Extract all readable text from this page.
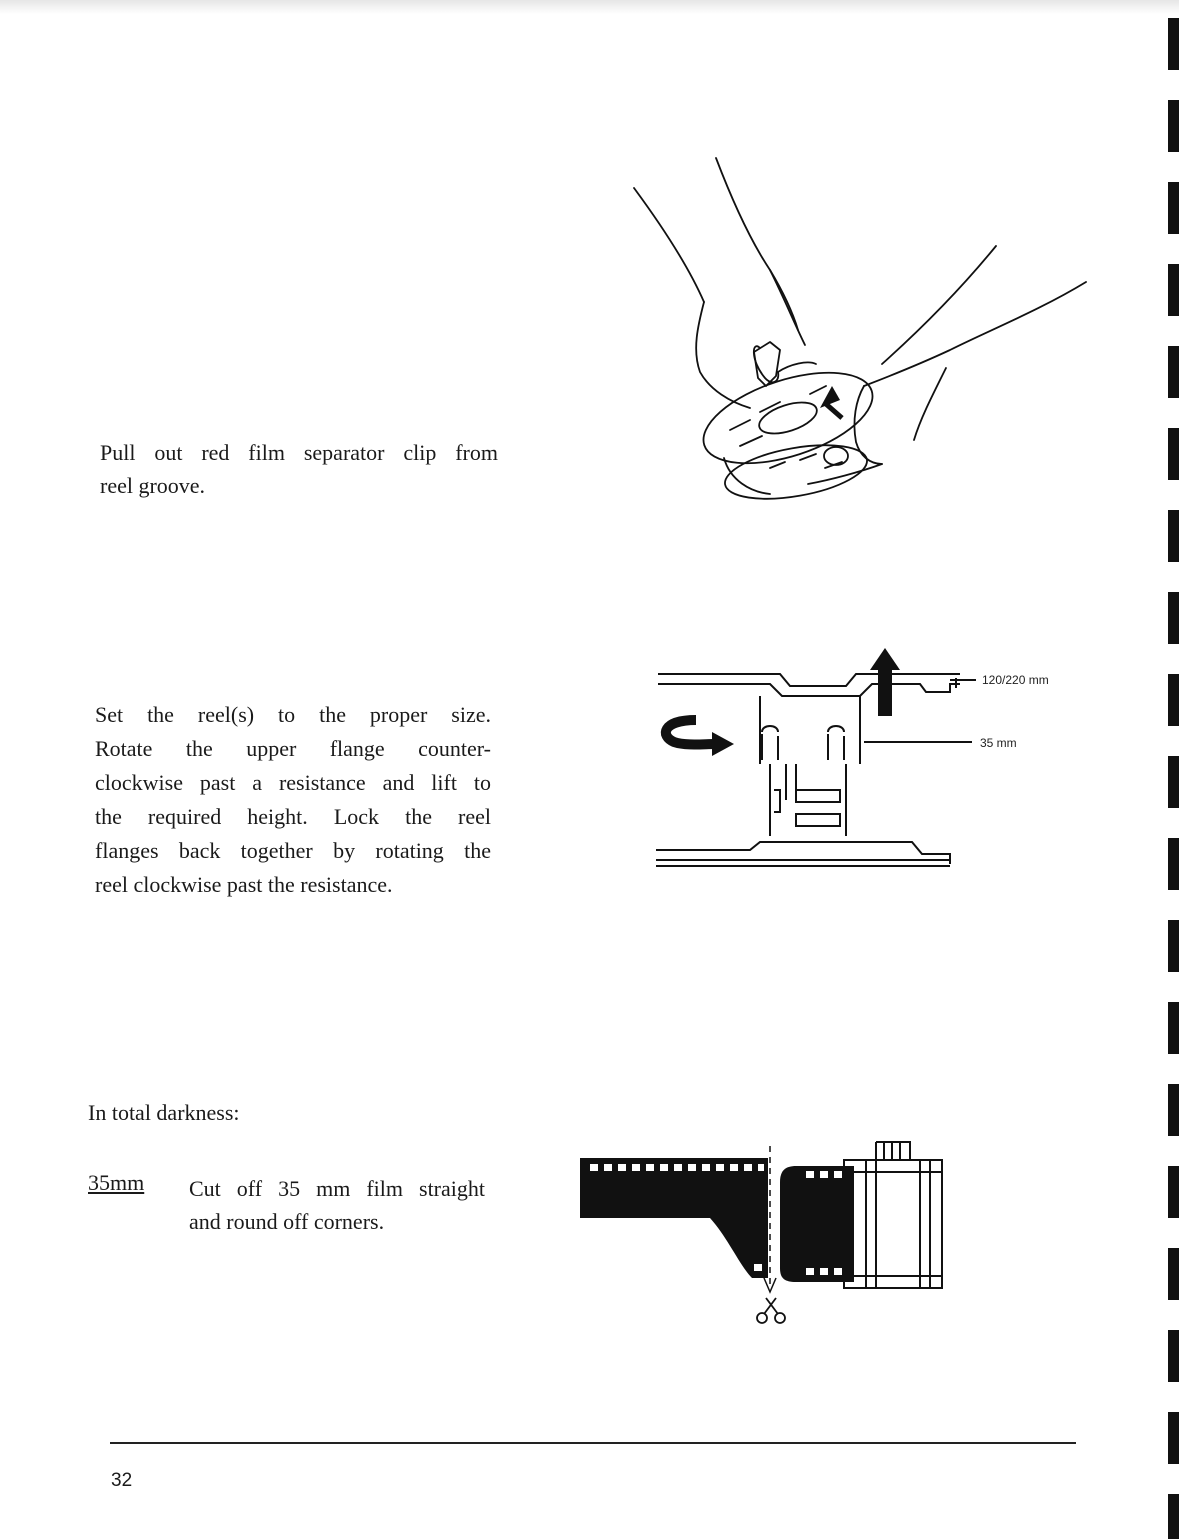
Pull out red film separator clip from
reel groove.

Set the reel(s) to the proper size.
Rotate the upper flange counter-
clockwise past a resistance and lift to
the required height. Lock the reel
flanges back together by rotating the
reel clockwise past the resistance.

120/220 mm
35 mm
In total darkness:
35mm Cut off 35 mm film straight
and round off corners.

32
